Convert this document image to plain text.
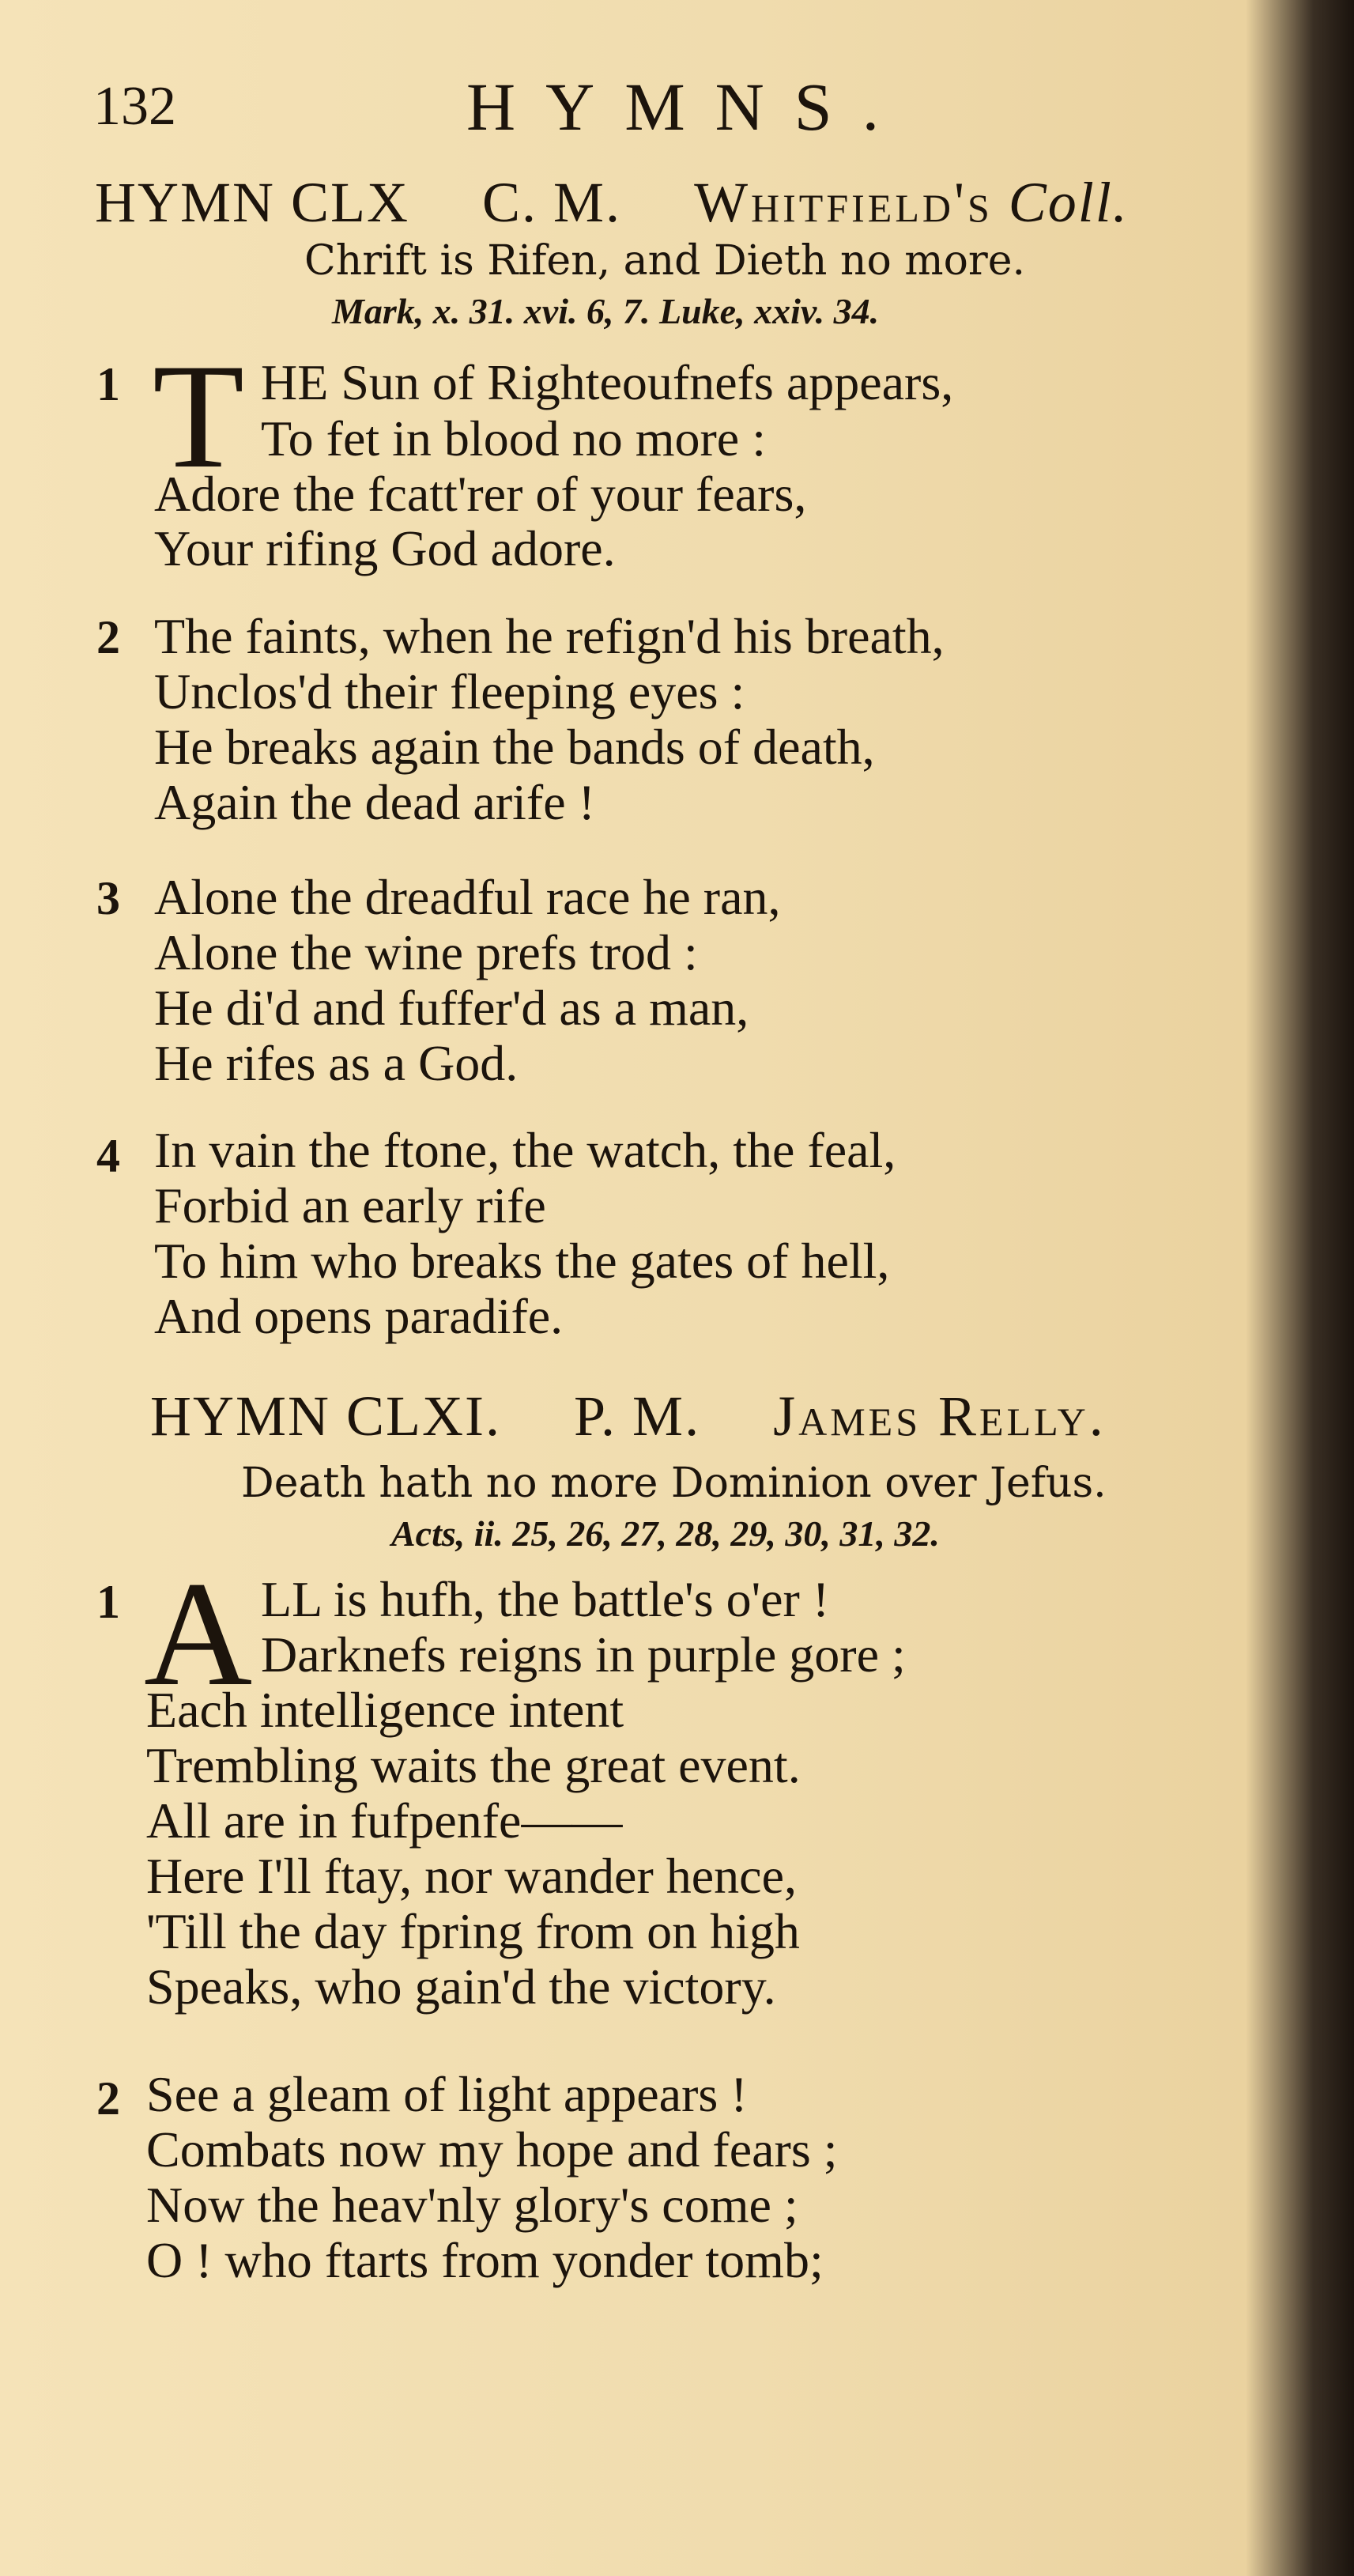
132	HYMNS.
HYMN CLX C. M. Whitfield's Coll.
Chrift is Rifen, and Dieth no more.
Mark, x. 31. xvi. 6, 7. Luke, xxiv. 34.
1 T HE Sun of Righteoufnefs appears,
To fet in blood no more :
Adore the fcatt'rer of your fears,
Your rifing God adore.
2 The faints, when he refign'd his breath,
Unclos'd their fleeping eyes :
He breaks again the bands of death,
Again the dead arife !
3 Alone the dreadful race he ran,
Alone the wine prefs trod :
He di'd and fuffer'd as a man,
He rifes as a God.
4 In vain the ftone, the watch, the feal,
Forbid an early rife
To him who breaks the gates of hell,
And opens paradife.
HYMN CLXI. P. M. James Relly.
Death hath no more Dominion over Jefus.
Acts, ii. 25, 26, 27, 28, 29, 30, 31, 32.
1 A LL is hufh, the battle's o'er !
Darknefs reigns in purple gore ;
Each intelligence intent
Trembling waits the great event.
All are in fufpenfe——
Here I'll ftay, nor wander hence,
'Till the day fpring from on high
Speaks, who gain'd the victory.
2 See a gleam of light appears !
Combats now my hope and fears ;
Now the heav'nly glory's come ;
O ! who ftarts from yonder tomb;
